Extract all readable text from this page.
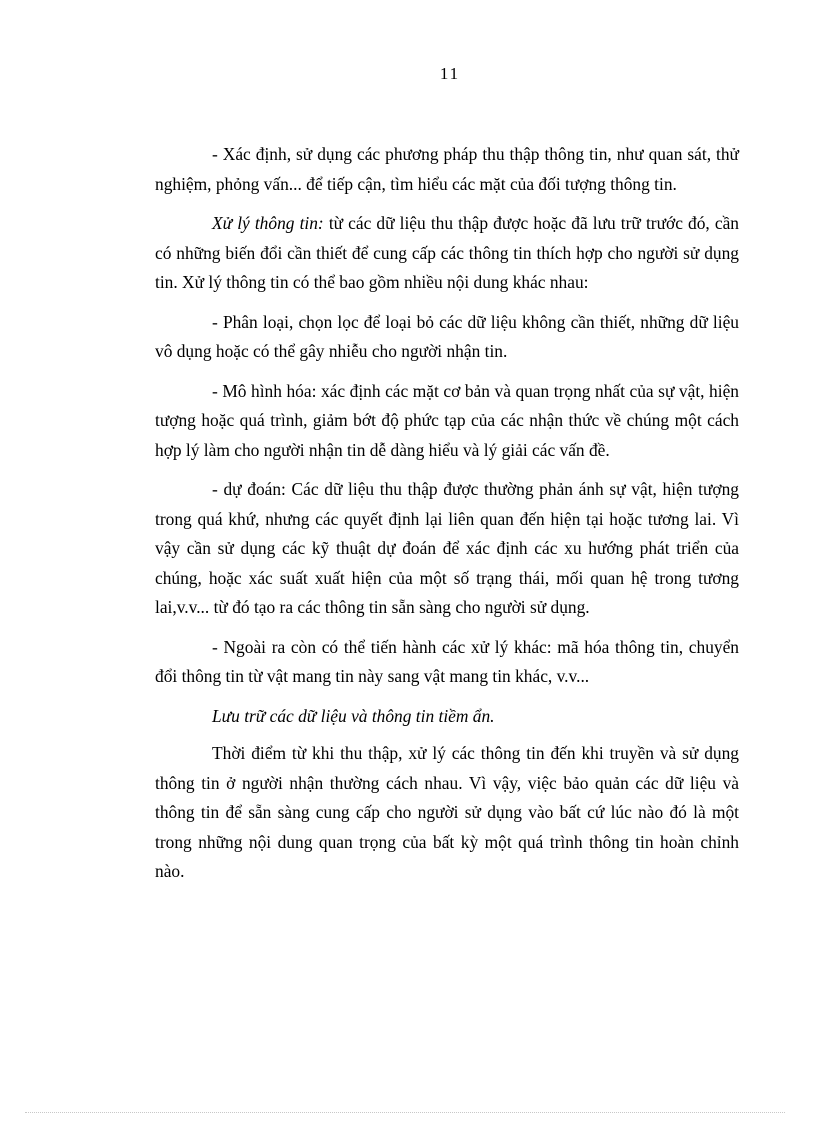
11

- Xác định, sử dụng các phương pháp thu thập thông tin, như quan sát, thử nghiệm, phỏng vấn... để tiếp cận, tìm hiểu các mặt của đối tượng thông tin.

Xử lý thông tin: từ các dữ liệu thu thập được hoặc đã lưu trữ trước đó, cần có những biến đổi cần thiết để cung cấp các thông tin thích hợp cho người sử dụng tin. Xử lý thông tin có thể bao gồm nhiều nội dung khác nhau:

- Phân loại, chọn lọc để loại bỏ các dữ liệu không cần thiết, những dữ liệu vô dụng hoặc có thể gây nhiễu cho người nhận tin.

- Mô hình hóa: xác định các mặt cơ bản và quan trọng nhất của sự vật, hiện tượng hoặc quá trình, giảm bớt độ phức tạp của các nhận thức về chúng một cách hợp lý làm cho người nhận tin dễ dàng hiểu và lý giải các vấn đề.

- dự đoán: Các dữ liệu thu thập được thường phản ánh sự vật, hiện tượng trong quá khứ, nhưng các quyết định lại liên quan đến hiện tại hoặc tương lai. Vì vậy cần sử dụng các kỹ thuật dự đoán để xác định các xu hướng phát triển của chúng, hoặc xác suất xuất hiện của một số trạng thái, mối quan hệ trong tương lai,v.v... từ đó tạo ra các thông tin sẵn sàng cho người sử dụng.

- Ngoài ra còn có thể tiến hành các xử lý khác: mã hóa thông tin, chuyển đổi thông tin từ vật mang tin này sang vật mang tin khác, v.v...

Lưu trữ các dữ liệu và thông tin tiềm ẩn.

Thời điểm từ khi thu thập, xử lý các thông tin đến khi truyền và sử dụng thông tin ở người nhận thường cách nhau. Vì vậy, việc bảo quản các dữ liệu và thông tin để sẵn sàng cung cấp cho người sử dụng vào bất cứ lúc nào đó là một trong những nội dung quan trọng của bất kỳ một quá trình thông tin hoàn chỉnh nào.
